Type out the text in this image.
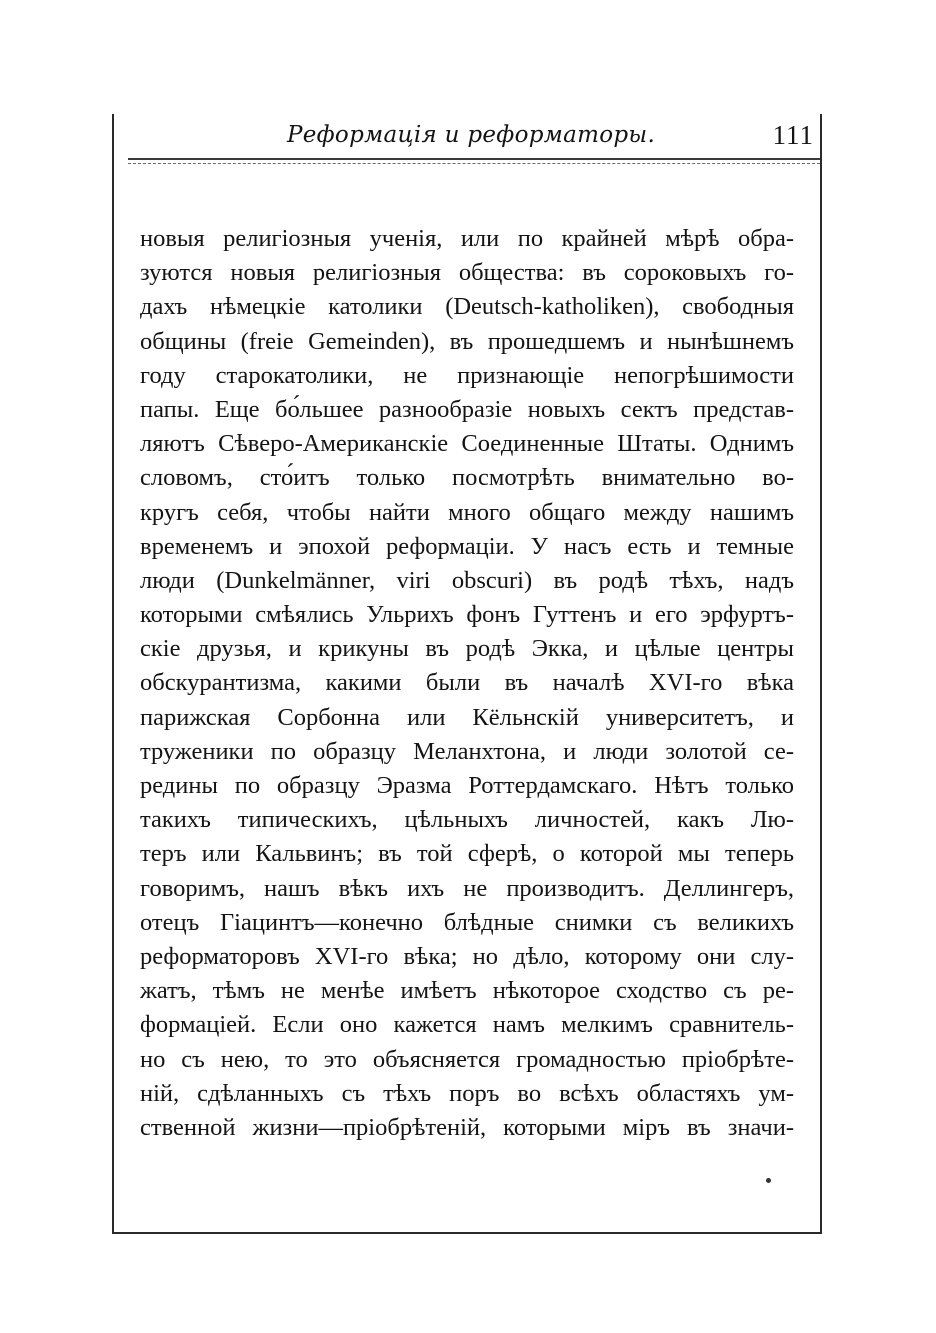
Реформація и реформаторы.	111
новыя религіозныя ученія, или по крайней мѣрѣ обра-
зуются новыя религіозныя общества: въ сороковыхъ го-
дахъ нѣмецкіе католики (Deutsch-katholiken), свободныя
общины (freie Gemeinden), въ прошедшемъ и нынѣшнемъ
году старокатолики, не признающіе непогрѣшимости
папы. Еще бо́льшее разнообразіе новыхъ сектъ представ-
ляютъ Сѣверо-Американскіе Соединенные Штаты. Однимъ
словомъ, сто́итъ только посмотрѣть внимательно во-
кругъ себя, чтобы найти много общаго между нашимъ
временемъ и эпохой реформаціи. У насъ есть и темные
люди (Dunkelmänner, viri obscuri) въ родѣ тѣхъ, надъ
которыми смѣялись Ульрихъ фонъ Гуттенъ и его эрфуртъ-
скіе друзья, и крикуны въ родѣ Экка, и цѣлые центры
обскурантизма, какими были въ началѣ XVI-го вѣка
парижская Сорбонна или Кёльнскій университетъ, и
труженики по образцу Меланхтона, и люди золотой се-
редины по образцу Эразма Роттердамскаго. Нѣтъ только
такихъ типическихъ, цѣльныхъ личностей, какъ Лю-
теръ или Кальвинъ; въ той сферѣ, о которой мы теперь
говоримъ, нашъ вѣкъ ихъ не производитъ. Деллингеръ,
отецъ Гіацинтъ—конечно блѣдные снимки съ великихъ
реформаторовъ XVI-го вѣка; но дѣло, которому они слу-
жатъ, тѣмъ не менѣе имѣетъ нѣкоторое сходство съ ре-
формаціей. Если оно кажется намъ мелкимъ сравнитель-
но съ нею, то это объясняется громадностью пріобрѣте-
ній, сдѣланныхъ съ тѣхъ поръ во всѣхъ областяхъ ум-
ственной жизни—пріобрѣтеній, которыми міръ въ значи-
